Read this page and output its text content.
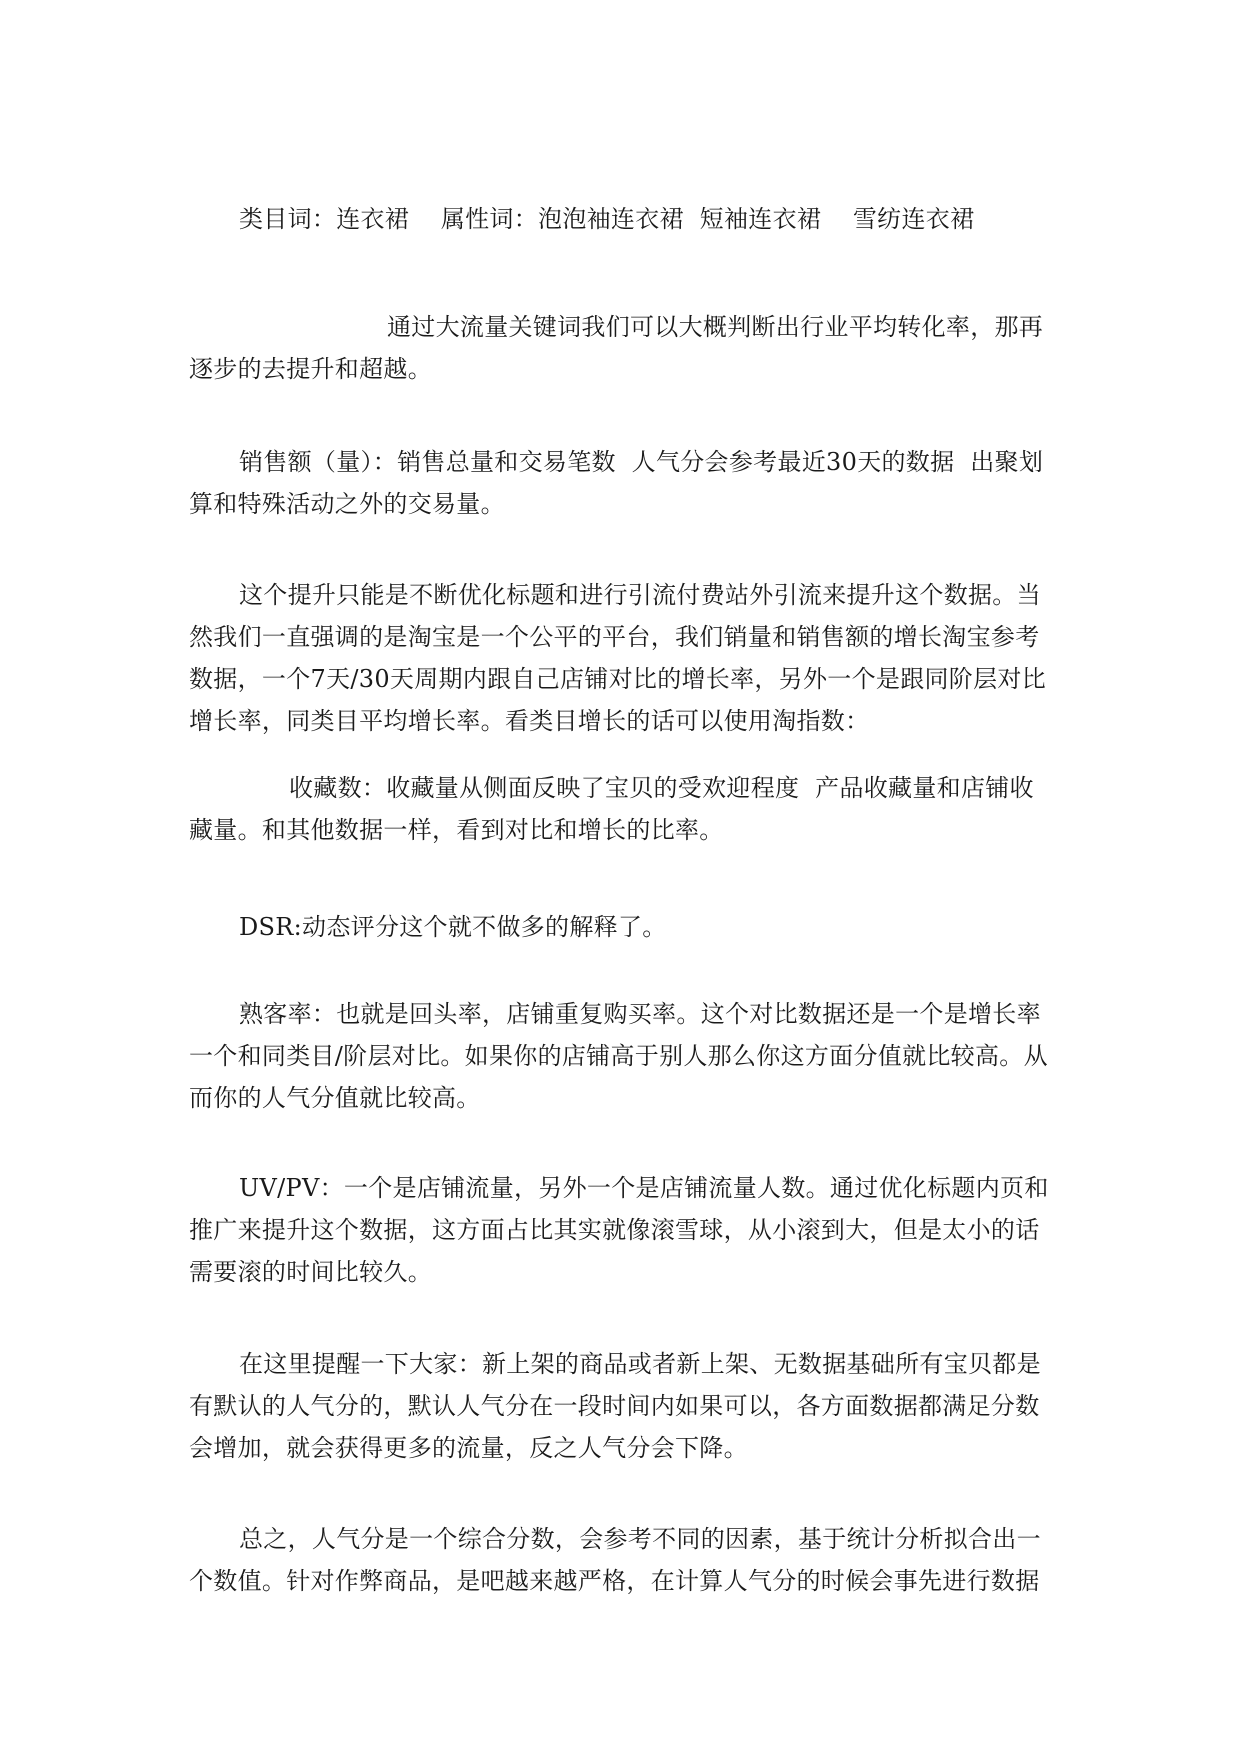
类目词：连衣裙    属性词：泡泡袖连衣裙  短袖连衣裙    雪纺连衣裙

通过大流量关键词我们可以大概判断出行业平均转化率，那再逐步的去提升和超越。

销售额（量）：销售总量和交易笔数  人气分会参考最近30天的数据  出聚划算和特殊活动之外的交易量。

这个提升只能是不断优化标题和进行引流付费站外引流来提升这个数据。当然我们一直强调的是淘宝是一个公平的平台，我们销量和销售额的增长淘宝参考数据，一个7天/30天周期内跟自己店铺对比的增长率，另外一个是跟同阶层对比增长率，同类目平均增长率。看类目增长的话可以使用淘指数：

收藏数：收藏量从侧面反映了宝贝的受欢迎程度  产品收藏量和店铺收藏量。和其他数据一样，看到对比和增长的比率。

DSR:动态评分这个就不做多的解释了。

熟客率：也就是回头率，店铺重复购买率。这个对比数据还是一个是增长率一个和同类目/阶层对比。如果你的店铺高于别人那么你这方面分值就比较高。从而你的人气分值就比较高。

UV/PV：一个是店铺流量，另外一个是店铺流量人数。通过优化标题内页和推广来提升这个数据，这方面占比其实就像滚雪球，从小滚到大，但是太小的话需要滚的时间比较久。

在这里提醒一下大家：新上架的商品或者新上架、无数据基础所有宝贝都是有默认的人气分的，默认人气分在一段时间内如果可以，各方面数据都满足分数会增加，就会获得更多的流量，反之人气分会下降。

总之，人气分是一个综合分数，会参考不同的因素，基于统计分析拟合出一个数值。针对作弊商品，是吧越来越严格，在计算人气分的时候会事先进行数据
